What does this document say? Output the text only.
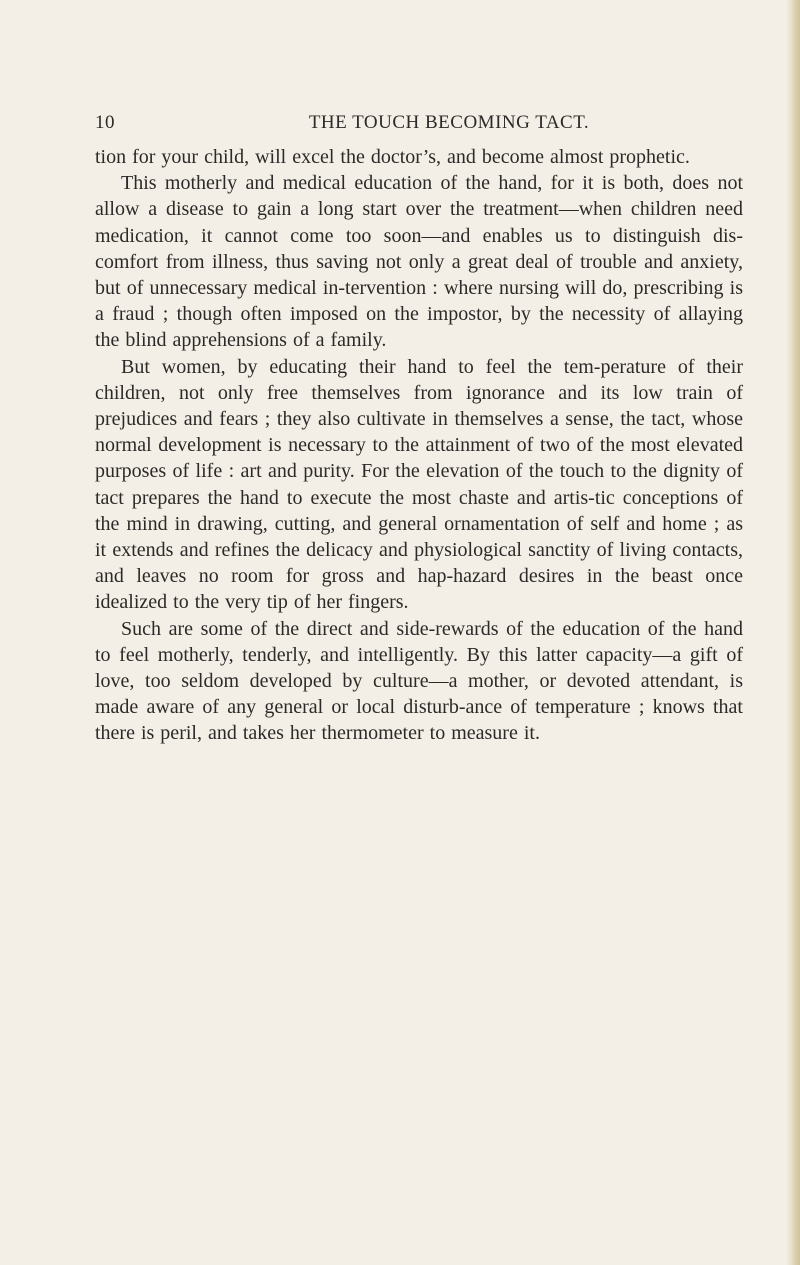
10	THE TOUCH BECOMING TACT.

tion for your child, will excel the doctor’s, and become almost prophetic.

This motherly and medical education of the hand, for it is both, does not allow a disease to gain a long start over the treatment—when children need medication, it cannot come too soon—and enables us to distinguish dis-comfort from illness, thus saving not only a great deal of trouble and anxiety, but of unnecessary medical in-tervention : where nursing will do, prescribing is a fraud ; though often imposed on the impostor, by the necessity of allaying the blind apprehensions of a family.

But women, by educating their hand to feel the tem-perature of their children, not only free themselves from ignorance and its low train of prejudices and fears ; they also cultivate in themselves a sense, the tact, whose normal development is necessary to the attainment of two of the most elevated purposes of life : art and purity. For the elevation of the touch to the dignity of tact prepares the hand to execute the most chaste and artis-tic conceptions of the mind in drawing, cutting, and general ornamentation of self and home ; as it extends and refines the delicacy and physiological sanctity of living contacts, and leaves no room for gross and hap-hazard desires in the beast once idealized to the very tip of her fingers.

Such are some of the direct and side-rewards of the education of the hand to feel motherly, tenderly, and intelligently. By this latter capacity—a gift of love, too seldom developed by culture—a mother, or devoted attendant, is made aware of any general or local disturb-ance of temperature ; knows that there is peril, and takes her thermometer to measure it.
